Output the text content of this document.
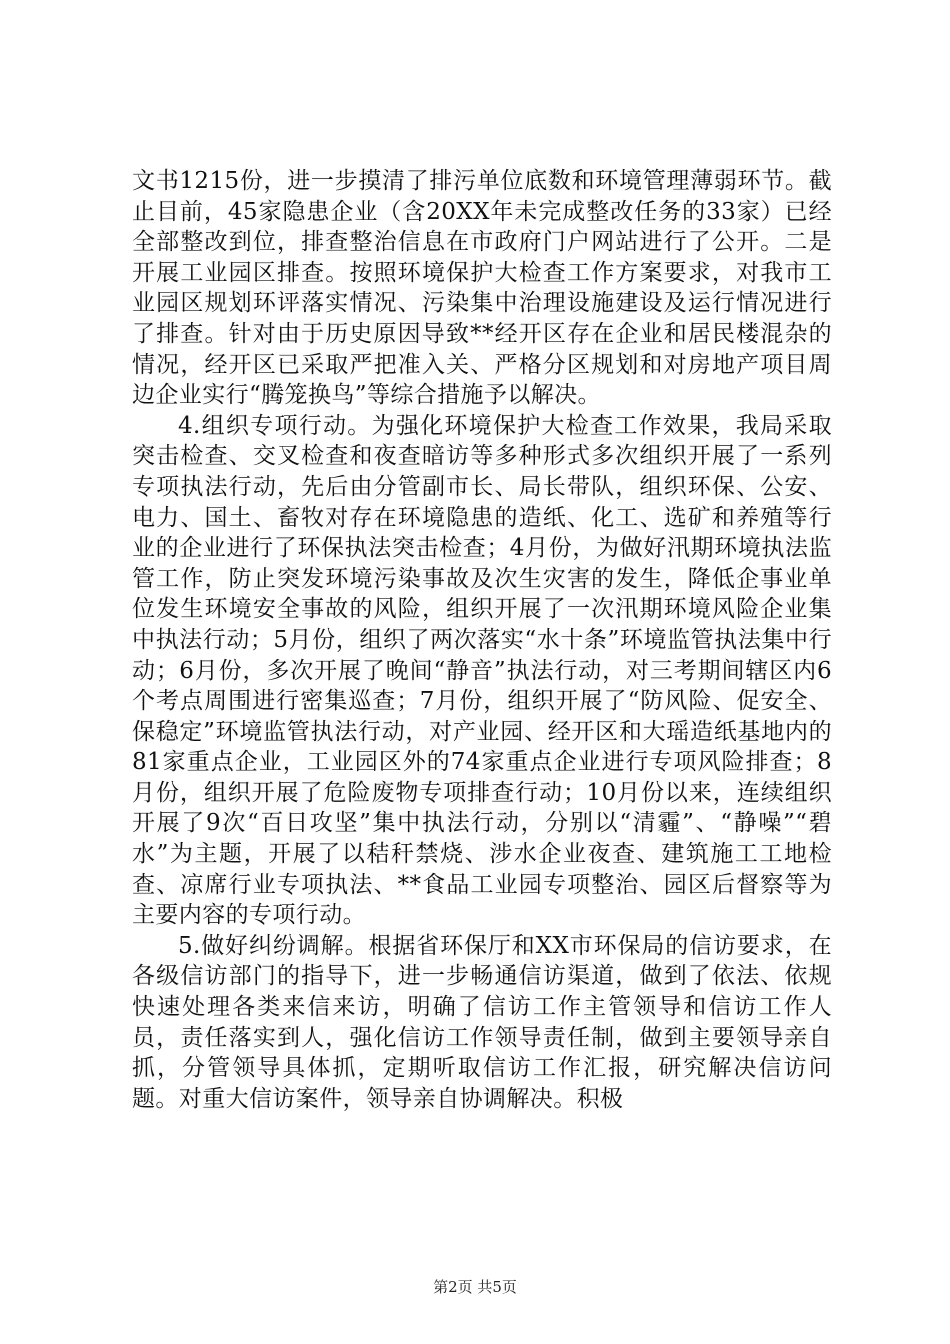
文书1215份，进一步摸清了排污单位底数和环境管理薄弱环节。截止目前，45家隐患企业（含20XX年未完成整改任务的33家）已经全部整改到位，排查整治信息在市政府门户网站进行了公开。二是开展工业园区排查。按照环境保护大检查工作方案要求，对我市工业园区规划环评落实情况、污染集中治理设施建设及运行情况进行了排查。针对由于历史原因导致**经开区存在企业和居民楼混杂的情况，经开区已采取严把准入关、严格分区规划和对房地产项目周边企业实行“腾笼换鸟”等综合措施予以解决。

4.组织专项行动。为强化环境保护大检查工作效果，我局采取突击检查、交叉检查和夜查暗访等多种形式多次组织开展了一系列专项执法行动，先后由分管副市长、局长带队，组织环保、公安、电力、国土、畜牧对存在环境隐患的造纸、化工、选矿和养殖等行业的企业进行了环保执法突击检查；4月份，为做好汛期环境执法监管工作，防止突发环境污染事故及次生灾害的发生，降低企事业单位发生环境安全事故的风险，组织开展了一次汛期环境风险企业集中执法行动；5月份，组织了两次落实“水十条”环境监管执法集中行动；6月份，多次开展了晚间“静音”执法行动，对三考期间辖区内6个考点周围进行密集巡查；7月份，组织开展了“防风险、促安全、保稳定”环境监管执法行动，对产业园、经开区和大瑶造纸基地内的81家重点企业，工业园区外的74家重点企业进行专项风险排查；8月份，组织开展了危险废物专项排查行动；10月份以来，连续组织开展了9次“百日攻坚”集中执法行动，分别以“清霾”、“静噪”“碧水”为主题，开展了以秸秆禁烧、涉水企业夜查、建筑施工工地检查、凉席行业专项执法、**食品工业园专项整治、园区后督察等为主要内容的专项行动。

5.做好纠纷调解。根据省环保厅和XX市环保局的信访要求，在各级信访部门的指导下，进一步畅通信访渠道，做到了依法、依规快速处理各类来信来访，明确了信访工作主管领导和信访工作人员，责任落实到人，强化信访工作领导责任制，做到主要领导亲自抓，分管领导具体抓，定期听取信访工作汇报，研究解决信访问题。对重大信访案件，领导亲自协调解决。积极

第2页 共5页
